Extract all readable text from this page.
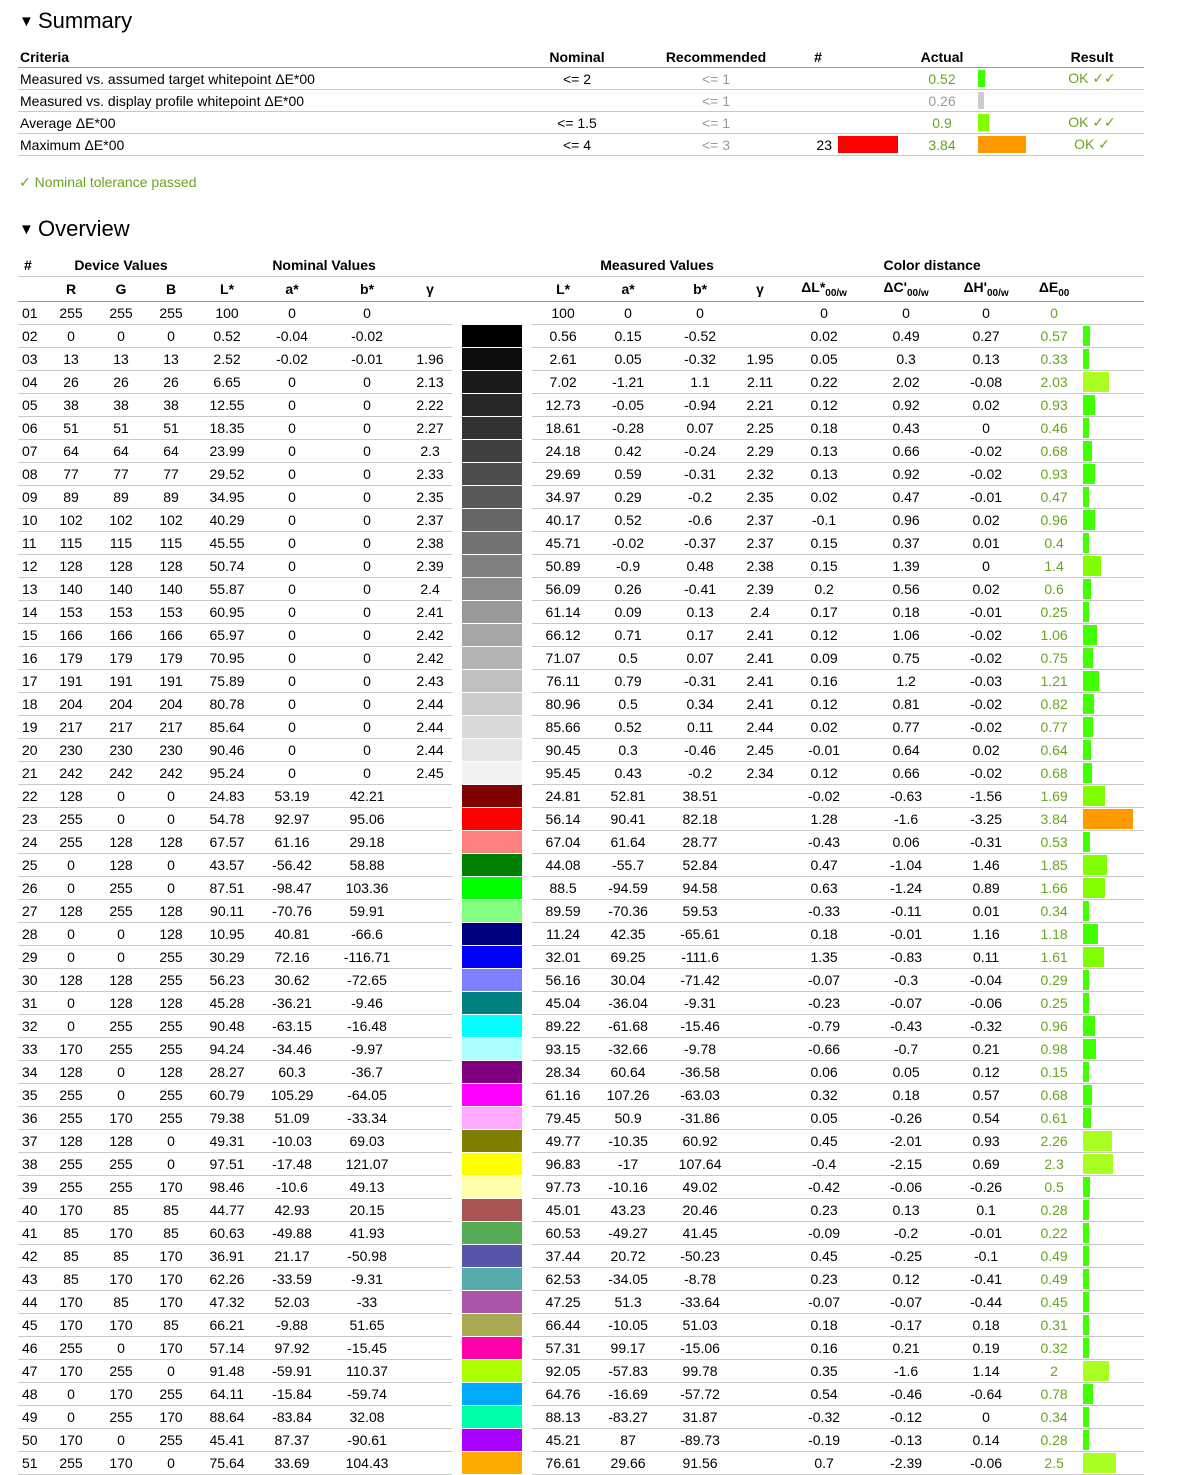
▼ Summary
Criteria	Nominal	Recommended	#		Actual		Result
Measured vs. assumed target whitepoint ΔE*00	<= 2	<= 1			0.52		OK ✓✓
Measured vs. display profile whitepoint ΔE*00		<= 1			0.26	

Average ΔE*00	<= 1.5	<= 1			0.9		OK ✓✓
Maximum ΔE*00	<= 4	<= 3	23		3.84		OK ✓
✓ Nominal tolerance passed
▼ Overview
#	Device Values			Nominal Values					Measured Values				Color distance				
	R	G	B	L*	a*	b*	γ		L*	a*	b*	γ	$\Delta L*_{00/w}$	$\Delta C'_{00/w}$	$\Delta H'_{00/w}$	$\Delta E_{00}$	
01	255	255	255	100	0	0			100	0	0		0	0	0	0	
02	0	0	0	0.52	-0.04	-0.02			0.56	0.15	-0.52		0.02	0.49	0.27	0.57	

03	13	13	13	2.52	-0.02	-0.01	1.96		2.61	0.05	-0.32	1.95	0.05	0.3	0.13	0.33	

04	26	26	26	6.65	0	0	2.13		7.02	-1.21	1.1	2.11	0.22	2.02	-0.08	2.03	

05	38	38	38	12.55	0	0	2.22		12.73	-0.05	-0.94	2.21	0.12	0.92	0.02	0.93	

06	51	51	51	18.35	0	0	2.27		18.61	-0.28	0.07	2.25	0.18	0.43	0	0.46	

07	64	64	64	23.99	0	0	2.3		24.18	0.42	-0.24	2.29	0.13	0.66	-0.02	0.68	

08	77	77	77	29.52	0	0	2.33		29.69	0.59	-0.31	2.32	0.13	0.92	-0.02	0.93	

09	89	89	89	34.95	0	0	2.35		34.97	0.29	-0.2	2.35	0.02	0.47	-0.01	0.47	

10	102	102	102	40.29	0	0	2.37		40.17	0.52	-0.6	2.37	-0.1	0.96	0.02	0.96	

11	115	115	115	45.55	0	0	2.38		45.71	-0.02	-0.37	2.37	0.15	0.37	0.01	0.4	

12	128	128	128	50.74	0	0	2.39		50.89	-0.9	0.48	2.38	0.15	1.39	0	1.4	

13	140	140	140	55.87	0	0	2.4		56.09	0.26	-0.41	2.39	0.2	0.56	0.02	0.6	

14	153	153	153	60.95	0	0	2.41		61.14	0.09	0.13	2.4	0.17	0.18	-0.01	0.25	

15	166	166	166	65.97	0	0	2.42		66.12	0.71	0.17	2.41	0.12	1.06	-0.02	1.06	

16	179	179	179	70.95	0	0	2.42		71.07	0.5	0.07	2.41	0.09	0.75	-0.02	0.75	

17	191	191	191	75.89	0	0	2.43		76.11	0.79	-0.31	2.41	0.16	1.2	-0.03	1.21	

18	204	204	204	80.78	0	0	2.44		80.96	0.5	0.34	2.41	0.12	0.81	-0.02	0.82	

19	217	217	217	85.64	0	0	2.44		85.66	0.52	0.11	2.44	0.02	0.77	-0.02	0.77	

20	230	230	230	90.46	0	0	2.44		90.45	0.3	-0.46	2.45	-0.01	0.64	0.02	0.64	

21	242	242	242	95.24	0	0	2.45		95.45	0.43	-0.2	2.34	0.12	0.66	-0.02	0.68	

22	128	0	0	24.83	53.19	42.21			24.81	52.81	38.51		-0.02	-0.63	-1.56	1.69	

23	255	0	0	54.78	92.97	95.06			56.14	90.41	82.18		1.28	-1.6	-3.25	3.84	

24	255	128	128	67.57	61.16	29.18			67.04	61.64	28.77		-0.43	0.06	-0.31	0.53	

25	0	128	0	43.57	-56.42	58.88			44.08	-55.7	52.84		0.47	-1.04	1.46	1.85	

26	0	255	0	87.51	-98.47	103.36			88.5	-94.59	94.58		0.63	-1.24	0.89	1.66	

27	128	255	128	90.11	-70.76	59.91			89.59	-70.36	59.53		-0.33	-0.11	0.01	0.34	

28	0	0	128	10.95	40.81	-66.6			11.24	42.35	-65.61		0.18	-0.01	1.16	1.18	

29	0	0	255	30.29	72.16	-116.71			32.01	69.25	-111.6		1.35	-0.83	0.11	1.61	

30	128	128	255	56.23	30.62	-72.65			56.16	30.04	-71.42		-0.07	-0.3	-0.04	0.29	

31	0	128	128	45.28	-36.21	-9.46			45.04	-36.04	-9.31		-0.23	-0.07	-0.06	0.25	

32	0	255	255	90.48	-63.15	-16.48			89.22	-61.68	-15.46		-0.79	-0.43	-0.32	0.96	

33	170	255	255	94.24	-34.46	-9.97			93.15	-32.66	-9.78		-0.66	-0.7	0.21	0.98	

34	128	0	128	28.27	60.3	-36.7			28.34	60.64	-36.58		0.06	0.05	0.12	0.15	

35	255	0	255	60.79	105.29	-64.05			61.16	107.26	-63.03		0.32	0.18	0.57	0.68	

36	255	170	255	79.38	51.09	-33.34			79.45	50.9	-31.86		0.05	-0.26	0.54	0.61	

37	128	128	0	49.31	-10.03	69.03			49.77	-10.35	60.92		0.45	-2.01	0.93	2.26	

38	255	255	0	97.51	-17.48	121.07			96.83	-17	107.64		-0.4	-2.15	0.69	2.3	

39	255	255	170	98.46	-10.6	49.13			97.73	-10.16	49.02		-0.42	-0.06	-0.26	0.5	

40	170	85	85	44.77	42.93	20.15			45.01	43.23	20.46		0.23	0.13	0.1	0.28	

41	85	170	85	60.63	-49.88	41.93			60.53	-49.27	41.45		-0.09	-0.2	-0.01	0.22	

42	85	85	170	36.91	21.17	-50.98			37.44	20.72	-50.23		0.45	-0.25	-0.1	0.49	

43	85	170	170	62.26	-33.59	-9.31			62.53	-34.05	-8.78		0.23	0.12	-0.41	0.49	

44	170	85	170	47.32	52.03	-33			47.25	51.3	-33.64		-0.07	-0.07	-0.44	0.45	

45	170	170	85	66.21	-9.88	51.65			66.44	-10.05	51.03		0.18	-0.17	0.18	0.31	

46	255	0	170	57.14	97.92	-15.45			57.31	99.17	-15.06		0.16	0.21	0.19	0.32	

47	170	255	0	91.48	-59.91	110.37			92.05	-57.83	99.78		0.35	-1.6	1.14	2	

48	0	170	255	64.11	-15.84	-59.74			64.76	-16.69	-57.72		0.54	-0.46	-0.64	0.78	

49	0	255	170	88.64	-83.84	32.08			88.13	-83.27	31.87		-0.32	-0.12	0	0.34	

50	170	0	255	45.41	87.37	-90.61			45.21	87	-89.73		-0.19	-0.13	0.14	0.28	

51	255	170	0	75.64	33.69	104.43			76.61	29.66	91.56		0.7	-2.39	-0.06	2.5	
